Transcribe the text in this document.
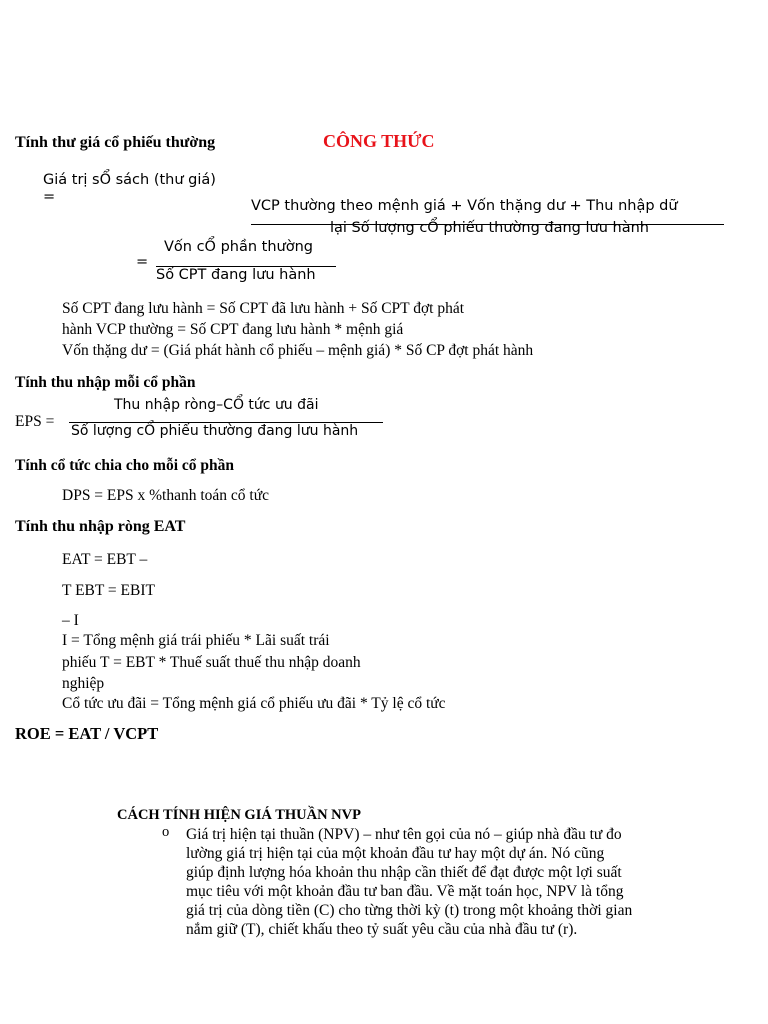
Tính thư giá cổ phiếu thường	CÔNG THỨC
Giá trị sỔ sách (thư giá)
=
VCP thường theo mệnh giá + Vốn thặng dư + Thu nhập dữ
lại Số lượng cỔ phiếu thường đang lưu hành
=
Vốn cỔ phần thường
Số CPT đang lưu hành
Số CPT đang lưu hành = Số CPT đã lưu hành + Số CPT đợt phát
hành VCP thường = Số CPT đang lưu hành * mệnh giá
Vốn thặng dư = (Giá phát hành cổ phiếu – mệnh giá) * Số CP đợt phát hành
Tính thu nhập mỗi cổ phần
EPS =
Thu nhập ròng–CỔ tức ưu đãi
Số lượng cỔ phiếu thường đang lưu hành
Tính cổ tức chia cho mỗi cổ phần
DPS = EPS x %thanh toán cổ tức
Tính thu nhập ròng EAT
EAT = EBT –
T EBT = EBIT
– I
I = Tổng mệnh giá trái phiếu * Lãi suất trái
phiếu T = EBT * Thuế suất thuế thu nhập doanh
nghiệp
Cổ tức ưu đãi = Tổng mệnh giá cổ phiếu ưu đãi * Tỷ lệ cổ tức
ROE = EAT / VCPT
CÁCH TÍNH HIỆN GIÁ THUẦN NVP
o Giá trị hiện tại thuần (NPV) – như tên gọi của nó – giúp nhà đầu tư đo
lường giá trị hiện tại của một khoản đầu tư hay một dự án. Nó cũng
giúp định lượng hóa khoản thu nhập cần thiết để đạt được một lợi suất
mục tiêu với một khoản đầu tư ban đầu. Về mặt toán học, NPV là tổng
giá trị của dòng tiền (C) cho từng thời kỳ (t) trong một khoảng thời gian
nắm giữ (T), chiết khấu theo tỷ suất yêu cầu của nhà đầu tư (r).
